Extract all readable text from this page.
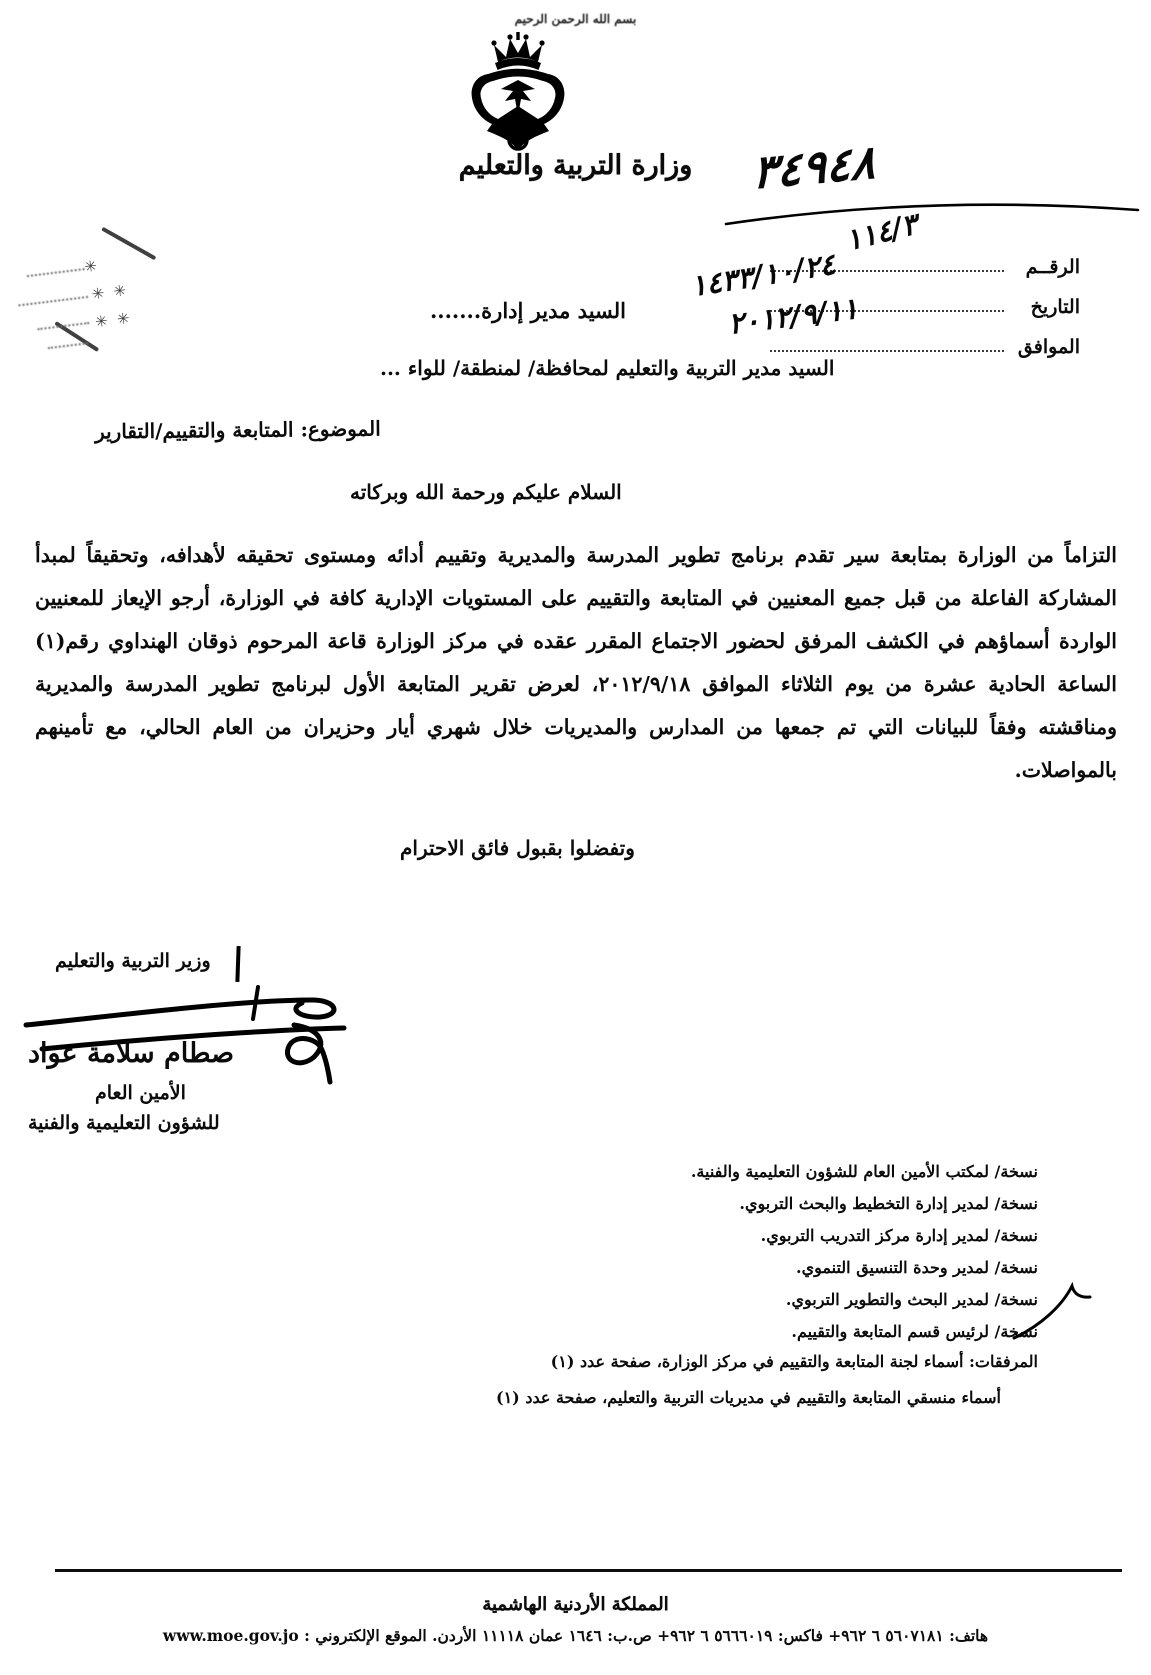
بسم الله الرحمن الرحيم
وزارة التربية والتعليم	٣٤٩٤٨
الرقــم
التاريخ
الموافق
١١٤/٣
١٤٣٣/١٠/٢٤
٢٠١٢/٩/١١
✳
✳ ✳
✳ ✳	السيد مدير إدارة.......
السيد مدير التربية والتعليم لمحافظة/ لمنطقة/ للواء ...
الموضوع: المتابعة والتقييم/التقارير
السلام عليكم ورحمة الله وبركاته
التزاماً من الوزارة بمتابعة سير تقدم برنامج تطوير المدرسة والمديرية وتقييم أدائه ومستوى تحقيقه لأهدافه، وتحقيقاً لمبدأ المشاركة الفاعلة من قبل جميع المعنيين في المتابعة والتقييم على المستويات الإدارية كافة في الوزارة، أرجو الإيعاز للمعنيين الواردة أسماؤهم في الكشف المرفق لحضور الاجتماع المقرر عقده في مركز الوزارة قاعة المرحوم ذوقان الهنداوي رقم(١) الساعة الحادية عشرة من يوم الثلاثاء الموافق ٢٠١٢/٩/١٨، لعرض تقرير المتابعة الأول لبرنامج تطوير المدرسة والمديرية ومناقشته وفقاً للبيانات التي تم جمعها من المدارس والمديريات خلال شهري أيار وحزيران من العام الحالي، مع تأمينهم بالمواصلات.
وتفضلوا بقبول فائق الاحترام
وزير التربية والتعليم
صطام سلامة عواد
الأمين العام
للشؤون التعليمية والفنية
نسخة/ لمكتب الأمين العام للشؤون التعليمية والفنية.
نسخة/ لمدير إدارة التخطيط والبحث التربوي.
نسخة/ لمدير إدارة مركز التدريب التربوي.
نسخة/ لمدير وحدة التنسيق التنموي.
نسخة/ لمدير البحث والتطوير التربوي.
نسخة/ لرئيس قسم المتابعة والتقييم.
المرفقات: أسماء لجنة المتابعة والتقييم في مركز الوزارة، صفحة عدد (١)
أسماء منسقي المتابعة والتقييم في مديريات التربية والتعليم، صفحة عدد (١)
المملكة الأردنية الهاشمية
هاتف: ٥٦٠٧١٨١ ٦ ٩٦٢+ فاكس: ٥٦٦٦٠١٩ ٦ ٩٦٢+ ص.ب: ١٦٤٦ عمان ١١١١٨ الأردن. الموقع الإلكتروني : www.moe.gov.jo
